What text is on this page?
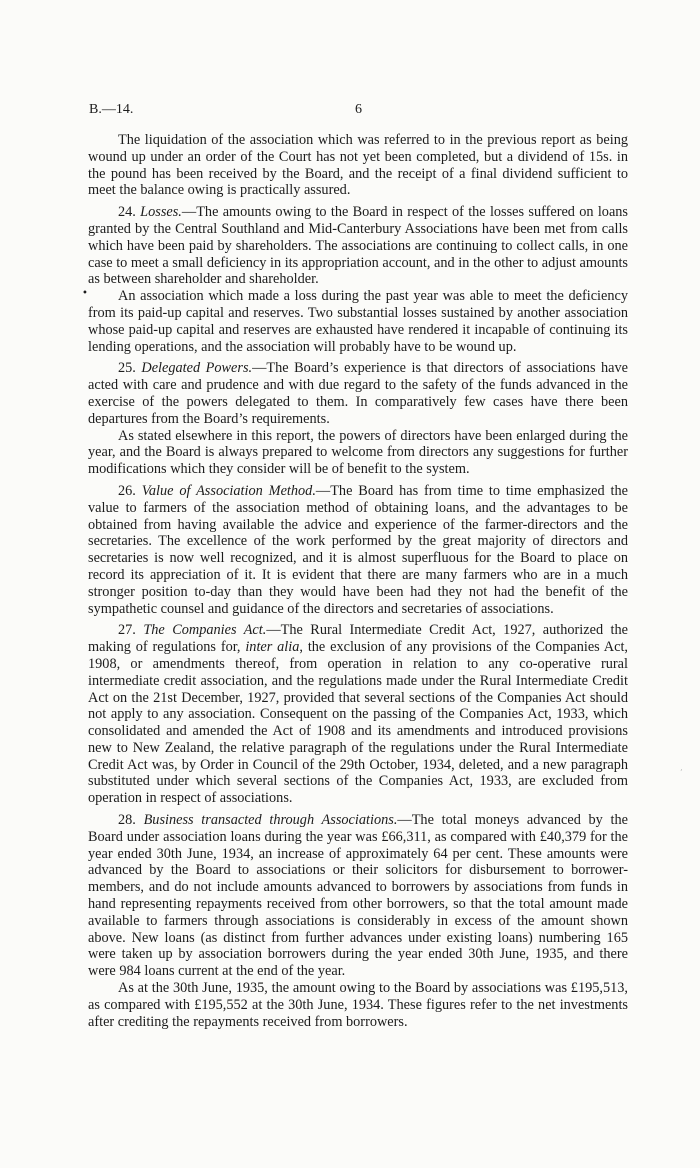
B.—14.	6
•
’

The liquidation of the association which was referred to in the previous report as being wound up under an order of the Court has not yet been completed, but a dividend of 15s. in the pound has been received by the Board, and the receipt of a final dividend sufficient to meet the balance owing is practically assured.

24. Losses.—The amounts owing to the Board in respect of the losses suffered on loans granted by the Central Southland and Mid-Canterbury Associations have been met from calls which have been paid by shareholders. The associations are continuing to collect calls, in one case to meet a small deficiency in its appropriation account, and in the other to adjust amounts as between shareholder and shareholder.

An association which made a loss during the past year was able to meet the deficiency from its paid-up capital and reserves. Two substantial losses sustained by another association whose paid-up capital and reserves are exhausted have rendered it incapable of continuing its lending operations, and the association will probably have to be wound up.

25. Delegated Powers.—The Board’s experience is that directors of associations have acted with care and prudence and with due regard to the safety of the funds advanced in the exercise of the powers delegated to them. In comparatively few cases have there been departures from the Board’s requirements.

As stated elsewhere in this report, the powers of directors have been enlarged during the year, and the Board is always prepared to welcome from directors any suggestions for further modifications which they consider will be of benefit to the system.

26. Value of Association Method.—The Board has from time to time emphasized the value to farmers of the association method of obtaining loans, and the advantages to be obtained from having available the advice and experience of the farmer-directors and the secretaries. The excellence of the work performed by the great majority of directors and secretaries is now well recognized, and it is almost superfluous for the Board to place on record its appreciation of it. It is evident that there are many farmers who are in a much stronger position to-day than they would have been had they not had the benefit of the sympathetic counsel and guidance of the directors and secretaries of associations.

27. The Companies Act.—The Rural Intermediate Credit Act, 1927, authorized the making of regulations for, inter alia, the exclusion of any provisions of the Companies Act, 1908, or amendments thereof, from operation in relation to any co-operative rural intermediate credit association, and the regulations made under the Rural Intermediate Credit Act on the 21st December, 1927, provided that several sections of the Companies Act should not apply to any association. Consequent on the passing of the Companies Act, 1933, which consolidated and amended the Act of 1908 and its amendments and introduced provisions new to New Zealand, the relative paragraph of the regulations under the Rural Intermediate Credit Act was, by Order in Council of the 29th October, 1934, deleted, and a new paragraph substituted under which several sections of the Companies Act, 1933, are excluded from operation in respect of associations.

28. Business transacted through Associations.—The total moneys advanced by the Board under association loans during the year was £66,311, as compared with £40,379 for the year ended 30th June, 1934, an increase of approximately 64 per cent. These amounts were advanced by the Board to associations or their solicitors for disbursement to borrower-members, and do not include amounts advanced to borrowers by associations from funds in hand representing repayments received from other borrowers, so that the total amount made available to farmers through associations is considerably in excess of the amount shown above. New loans (as distinct from further advances under existing loans) numbering 165 were taken up by association borrowers during the year ended 30th June, 1935, and there were 984 loans current at the end of the year.

As at the 30th June, 1935, the amount owing to the Board by associations was £195,513, as compared with £195,552 at the 30th June, 1934. These figures refer to the net investments after crediting the repayments received from borrowers.
